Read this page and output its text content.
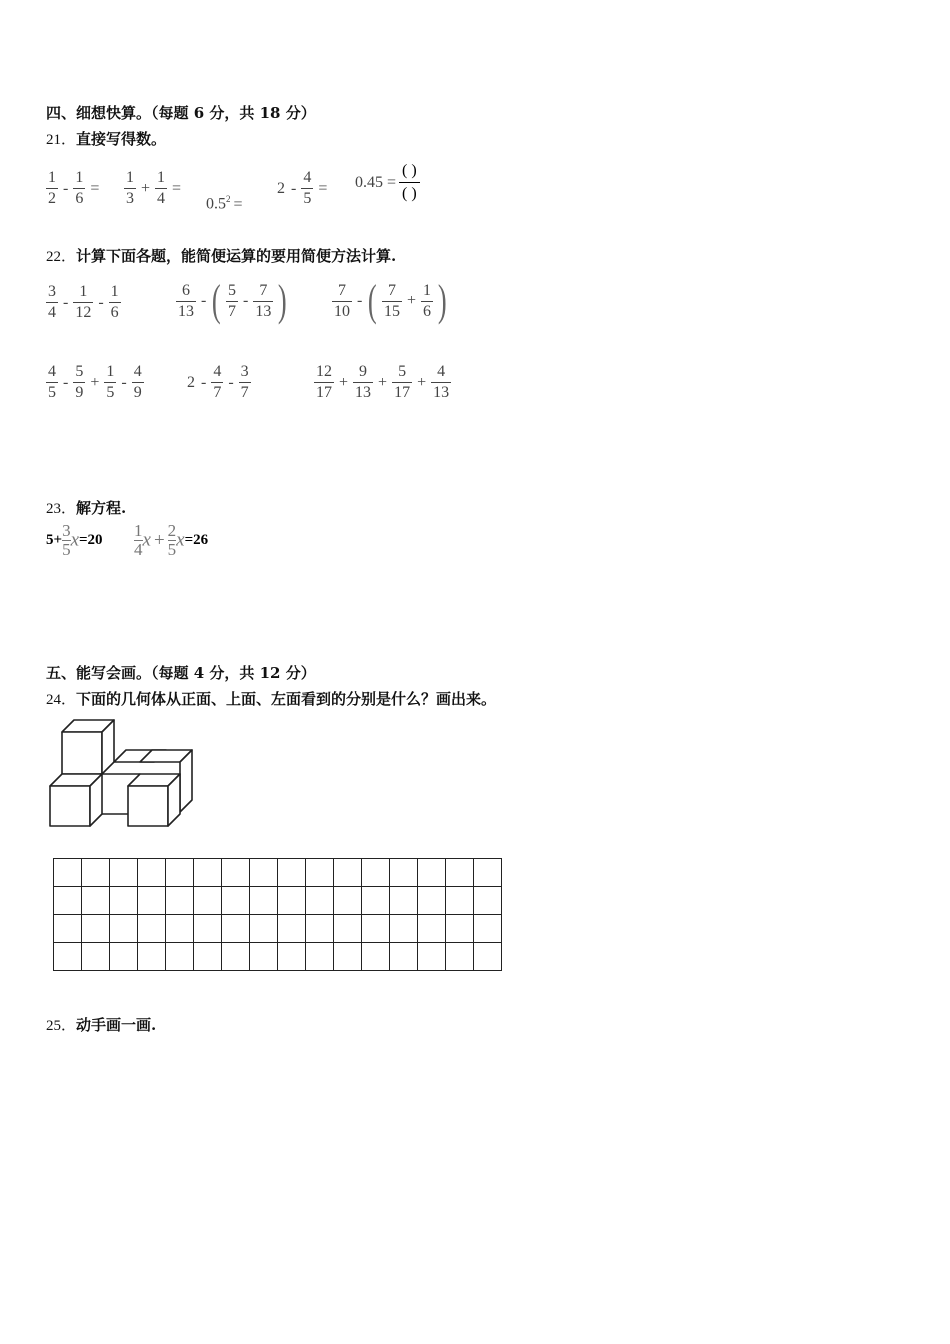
四、细想快算。（每题 6 分，共 18 分）
21．直接写得数。
$\frac{1}{2} - \frac{1}{6} = \frac{1}{3} + \frac{1}{4}$ =
$0.5^2$ =
$2 - \frac{4}{5} = 0.45 = \frac{( )}{( )}$
22．计算下面各题，能简便运算的要用简便方法计算.
$\frac{3}{4} - \frac{1}{12} - \frac{1}{6}$	$\frac{6}{13}$ - ( $\frac{5}{7} - \frac{7}{13}$ )	$\frac{7}{10}$ - ( $\frac{7}{15} + \frac{1}{6}$ )
$\frac{4}{5} - \frac{5}{9} + \frac{1}{5} - \frac{4}{9}$	$2 - \frac{4}{7} - \frac{3}{7}$	$\frac{12}{17} + \frac{9}{13} + \frac{5}{17} + \frac{4}{13}$
23．解方程.
$5+ \frac{3}{5} x=20 \frac{1}{4}$ $x + \frac{2}{5} x=26$
五、能写会画。（每题 4 分，共 12 分）
24．下面的几何体从正面、上面、左面看到的分别是什么？画出来。

25．动手画一画.
